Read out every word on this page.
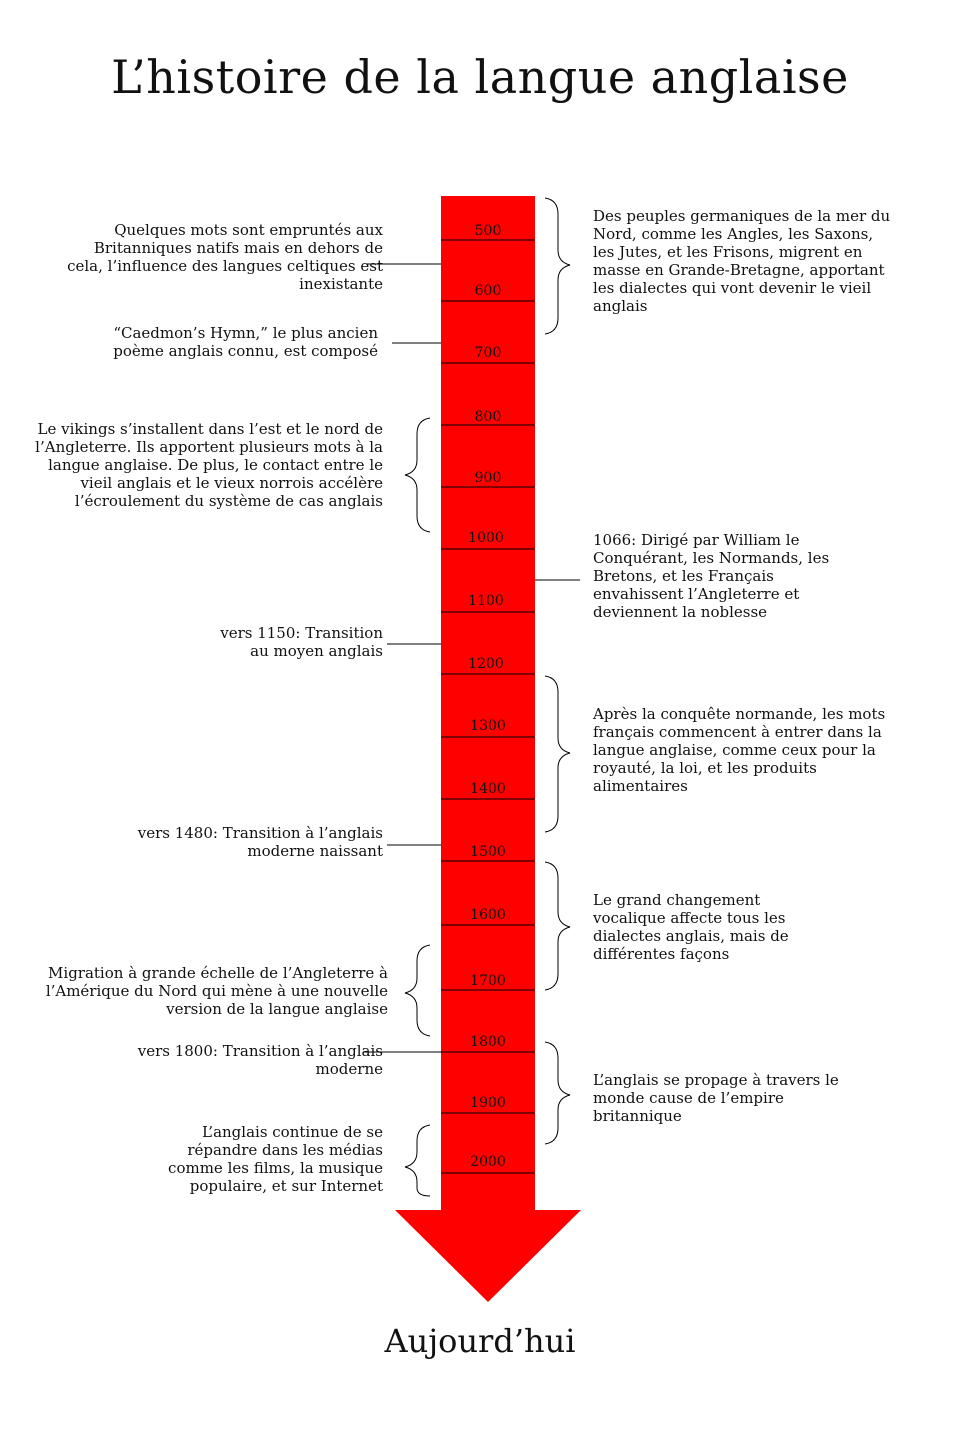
L’histoire de la langue anglaise
500
600
700
800
900
1000
1100
1200
1300
1400
1500
1600
1700
1800
1900
2000
Quelques mots sont empruntés aux Britanniques natifs mais en dehors de cela, l’influence des langues celtiques est inexistante
“Caedmon’s Hymn,” le plus ancien poème anglais connu, est composé
Le vikings s’installent dans l’est et le nord de l’Angleterre. Ils apportent plusieurs mots à la langue anglaise. De plus, le contact entre le vieil anglais et le vieux norrois accélère l’écroulement du système de cas anglais
vers 1150: Transition au moyen anglais
vers 1480: Transition à l’anglais moderne naissant
Migration à grande échelle de l’Angleterre à l’Amérique du Nord qui mène à une nouvelle version de la langue anglaise
vers 1800: Transition à l’anglais moderne
L’anglais continue de se répandre dans les médias comme les films, la musique populaire, et sur Internet
Des peuples germaniques de la mer du Nord, comme les Angles, les Saxons, les Jutes, et les Frisons, migrent en masse en Grande-Bretagne, apportant les dialectes qui vont devenir le vieil anglais
1066: Dirigé par William le Conquérant, les Normands, les Bretons, et les Français envahissent l’Angleterre et deviennent la noblesse
Après la conquête normande, les mots français commencent à entrer dans la langue anglaise, comme ceux pour la royauté, la loi, et les produits alimentaires
Le grand changement vocalique affecte tous les dialectes anglais, mais de différentes façons
L’anglais se propage à travers le monde cause de l’empire britannique
Aujourd’hui
